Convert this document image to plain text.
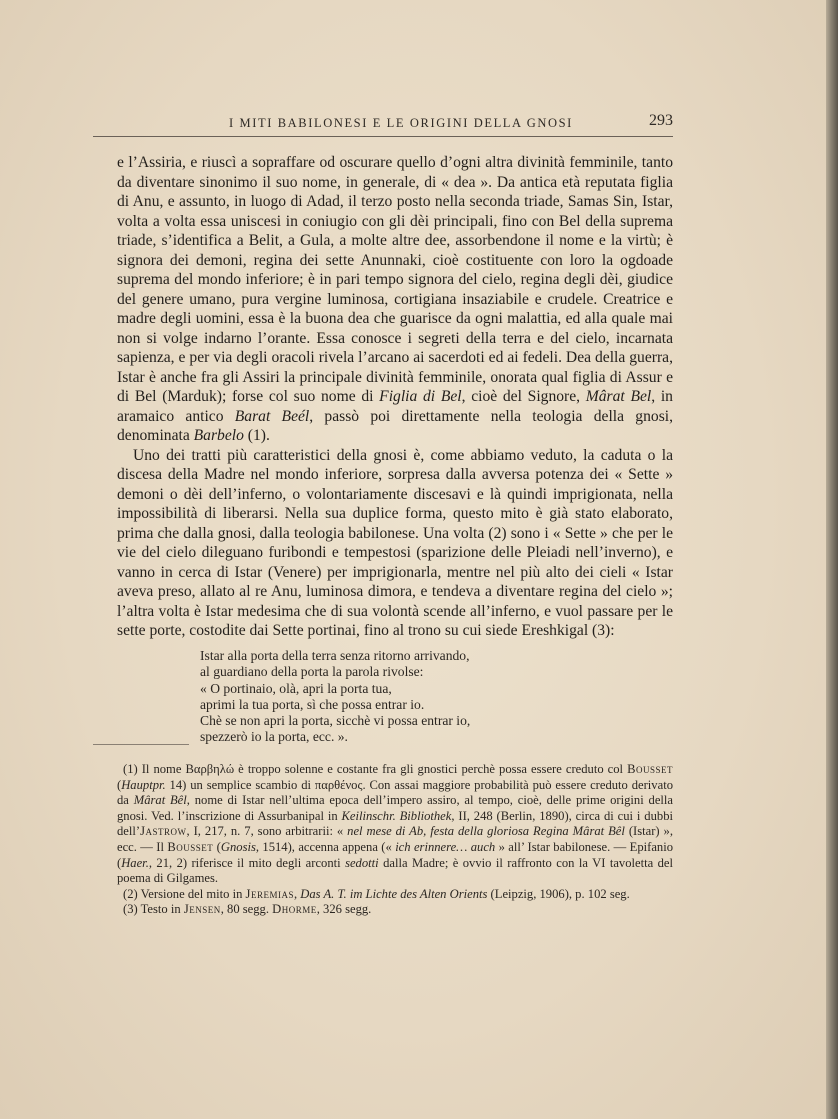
I MITI BABILONESI E LE ORIGINI DELLA GNOSI	293

e l’Assiria, e riuscì a sopraffare od oscurare quello d’ogni altra divinità femminile, tanto da diventare sinonimo il suo nome, in generale, di « dea ». Da antica età reputata figlia di Anu, e assunto, in luogo di Adad, il terzo posto nella seconda triade, Samas Sin, Istar, volta a volta essa uniscesi in coniugio con gli dèi principali, fino con Bel della suprema triade, s’identifica a Belit, a Gula, a molte altre dee, assorbendone il nome e la virtù; è signora dei demoni, regina dei sette Anunnaki, cioè costituente con loro la ogdoade suprema del mondo inferiore; è in pari tempo signora del cielo, regina degli dèi, giudice del genere umano, pura vergine luminosa, cortigiana insaziabile e crudele. Creatrice e madre degli uomini, essa è la buona dea che guarisce da ogni malattia, ed alla quale mai non si volge indarno l’orante. Essa conosce i segreti della terra e del cielo, incarnata sapienza, e per via degli oracoli rivela l’arcano ai sacerdoti ed ai fedeli. Dea della guerra, Istar è anche fra gli Assiri la principale divinità femminile, onorata qual figlia di Assur e di Bel (Marduk); forse col suo nome di Figlia di Bel, cioè del Signore, Mârat Bel, in aramaico antico Barat Beél, passò poi direttamente nella teologia della gnosi, denominata Barbelo (1).

Uno dei tratti più caratteristici della gnosi è, come abbiamo veduto, la caduta o la discesa della Madre nel mondo inferiore, sorpresa dalla avversa potenza dei « Sette » demoni o dèi dell’inferno, o volontariamente discesavi e là quindi imprigionata, nella impossibilità di liberarsi. Nella sua duplice forma, questo mito è già stato elaborato, prima che dalla gnosi, dalla teologia babilonese. Una volta (2) sono i « Sette » che per le vie del cielo dileguano furibondi e tempestosi (sparizione delle Pleiadi nell’inverno), e vanno in cerca di Istar (Venere) per imprigionarla, mentre nel più alto dei cieli « Istar aveva preso, allato al re Anu, luminosa dimora, e tendeva a diventare regina del cielo »; l’altra volta è Istar medesima che di sua volontà scende all’inferno, e vuol passare per le sette porte, costodite dai Sette portinai, fino al trono su cui siede Ereshkigal (3):

Istar alla porta della terra senza ritorno arrivando,
al guardiano della porta la parola rivolse:
« O portinaio, olà, apri la porta tua,
aprimi la tua porta, sì che possa entrar io.
Chè se non apri la porta, sicchè vi possa entrar io,
spezzerò io la porta, ecc. ».

(1) Il nome Βαρβηλώ è troppo solenne e costante fra gli gnostici perchè possa essere creduto col Bousset (Hauptpr. 14) un semplice scambio di παρθένος. Con assai maggiore probabilità può essere creduto derivato da Mârat Bêl, nome di Istar nell’ultima epoca dell’impero assiro, al tempo, cioè, delle prime origini della gnosi. Ved. l’inscrizione di Assurbanipal in Keilinschr. Bibliothek, II, 248 (Berlin, 1890), circa di cui i dubbi dell’Jastrow, I, 217, n. 7, sono arbitrarii: « nel mese di Ab, festa della gloriosa Regina Mârat Bêl (Istar) », ecc. — Il Bousset (Gnosis, 1514), accenna appena (« ich erinnere… auch » all’ Istar babilonese. — Epifanio (Haer., 21, 2) riferisce il mito degli arconti sedotti dalla Madre; è ovvio il raffronto con la VI tavoletta del poema di Gilgames.

(2) Versione del mito in Jeremias, Das A. T. im Lichte des Alten Orients (Leipzig, 1906), p. 102 seg.

(3) Testo in Jensen, 80 segg. Dhorme, 326 segg.
